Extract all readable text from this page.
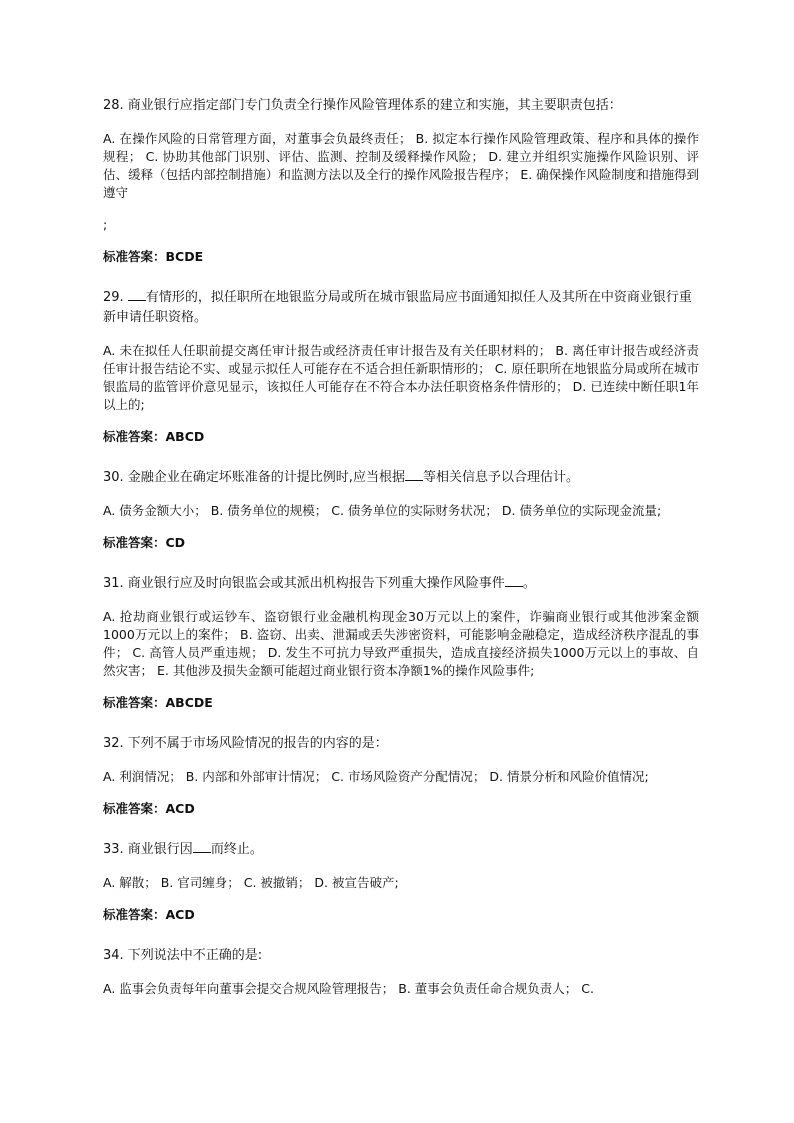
28. 商业银行应指定部门专门负责全行操作风险管理体系的建立和实施，其主要职责包括：

A. 在操作风险的日常管理方面，对董事会负最终责任； B. 拟定本行操作风险管理政策、程序和具体的操作规程； C. 协助其他部门识别、评估、监测、控制及缓释操作风险； D. 建立并组织实施操作风险识别、评估、缓释（包括内部控制措施）和监测方法以及全行的操作风险报告程序； E. 确保操作风险制度和措施得到遵守

;

标准答案：BCDE

29. 有情形的，拟任职所在地银监分局或所在城市银监局应书面通知拟任人及其所在中资商业银行重新申请任职资格。

A. 未在拟任人任职前提交离任审计报告或经济责任审计报告及有关任职材料的； B. 离任审计报告或经济责任审计报告结论不实、或显示拟任人可能存在不适合担任新职情形的； C. 原任职所在地银监分局或所在城市银监局的监管评价意见显示，该拟任人可能存在不符合本办法任职资格条件情形的； D. 已连续中断任职1年以上的;

标准答案：ABCD

30. 金融企业在确定坏账准备的计提比例时,应当根据 等相关信息予以合理估计。

A. 债务金额大小； B. 债务单位的规模； C. 债务单位的实际财务状况； D. 债务单位的实际现金流量;

标准答案：CD

31. 商业银行应及时向银监会或其派出机构报告下列重大操作风险事件 。

A. 抢劫商业银行或运钞车、盗窃银行业金融机构现金30万元以上的案件，诈骗商业银行或其他涉案金额1000万元以上的案件； B. 盗窃、出卖、泄漏或丢失涉密资料，可能影响金融稳定，造成经济秩序混乱的事件； C. 高管人员严重违规； D. 发生不可抗力导致严重损失，造成直接经济损失1000万元以上的事故、自然灾害； E. 其他涉及损失金额可能超过商业银行资本净额1%的操作风险事件;

标准答案：ABCDE

32. 下列不属于市场风险情况的报告的内容的是：

A. 利润情况； B. 内部和外部审计情况； C. 市场风险资产分配情况； D. 情景分析和风险价值情况;

标准答案：ACD

33. 商业银行因 而终止。

A. 解散； B. 官司缠身； C. 被撤销； D. 被宣告破产;

标准答案：ACD

34. 下列说法中不正确的是:

A. 监事会负责每年向董事会提交合规风险管理报告； B. 董事会负责任命合规负责人； C.
